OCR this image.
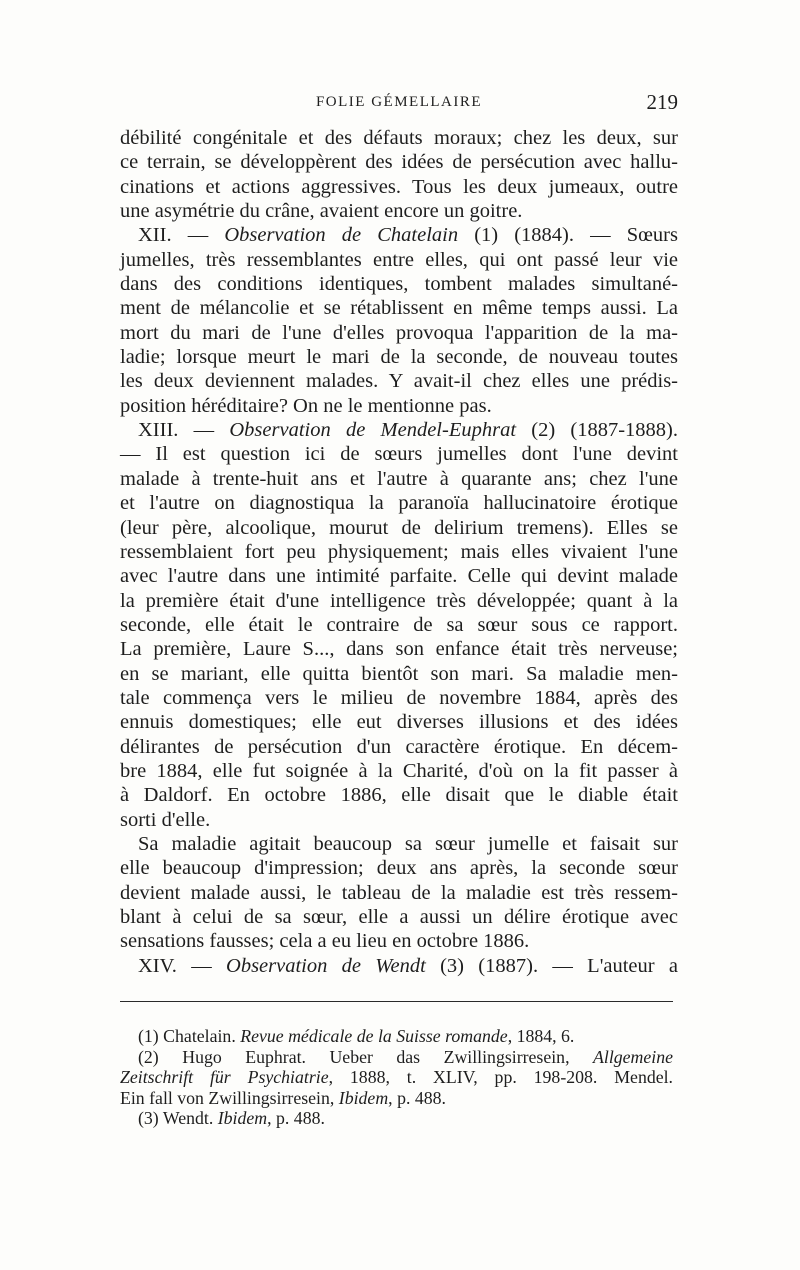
FOLIE GÉMELLAIRE	219
débilité congénitale et des défauts moraux; chez les deux, sur
ce terrain, se développèrent des idées de persécution avec hallu-
cinations et actions aggressives. Tous les deux jumeaux, outre
une asymétrie du crâne, avaient encore un goitre.
XII. — Observation de Chatelain (1) (1884). — Sœurs
jumelles, très ressemblantes entre elles, qui ont passé leur vie
dans des conditions identiques, tombent malades simultané-
ment de mélancolie et se rétablissent en même temps aussi. La
mort du mari de l'une d'elles provoqua l'apparition de la ma-
ladie; lorsque meurt le mari de la seconde, de nouveau toutes
les deux deviennent malades. Y avait-il chez elles une prédis-
position héréditaire? On ne le mentionne pas.
XIII. — Observation de Mendel-Euphrat (2) (1887-1888).
— Il est question ici de sœurs jumelles dont l'une devint
malade à trente-huit ans et l'autre à quarante ans; chez l'une
et l'autre on diagnostiqua la paranoïa hallucinatoire érotique
(leur père, alcoolique, mourut de delirium tremens). Elles se
ressemblaient fort peu physiquement; mais elles vivaient l'une
avec l'autre dans une intimité parfaite. Celle qui devint malade
la première était d'une intelligence très développée; quant à la
seconde, elle était le contraire de sa sœur sous ce rapport.
La première, Laure S..., dans son enfance était très nerveuse;
en se mariant, elle quitta bientôt son mari. Sa maladie men-
tale commença vers le milieu de novembre 1884, après des
ennuis domestiques; elle eut diverses illusions et des idées
délirantes de persécution d'un caractère érotique. En décem-
bre 1884, elle fut soignée à la Charité, d'où on la fit passer à
à Daldorf. En octobre 1886, elle disait que le diable était
sorti d'elle.
Sa maladie agitait beaucoup sa sœur jumelle et faisait sur
elle beaucoup d'impression; deux ans après, la seconde sœur
devient malade aussi, le tableau de la maladie est très ressem-
blant à celui de sa sœur, elle a aussi un délire érotique avec
sensations fausses; cela a eu lieu en octobre 1886.
XIV. — Observation de Wendt (3) (1887). — L'auteur a
(1) Chatelain. Revue médicale de la Suisse romande, 1884, 6.
(2) Hugo Euphrat. Ueber das Zwillingsirresein, Allgemeine
Zeitschrift für Psychiatrie, 1888, t. XLIV, pp. 198-208. Mendel.
Ein fall von Zwillingsirresein, Ibidem, p. 488.
(3) Wendt. Ibidem, p. 488.
